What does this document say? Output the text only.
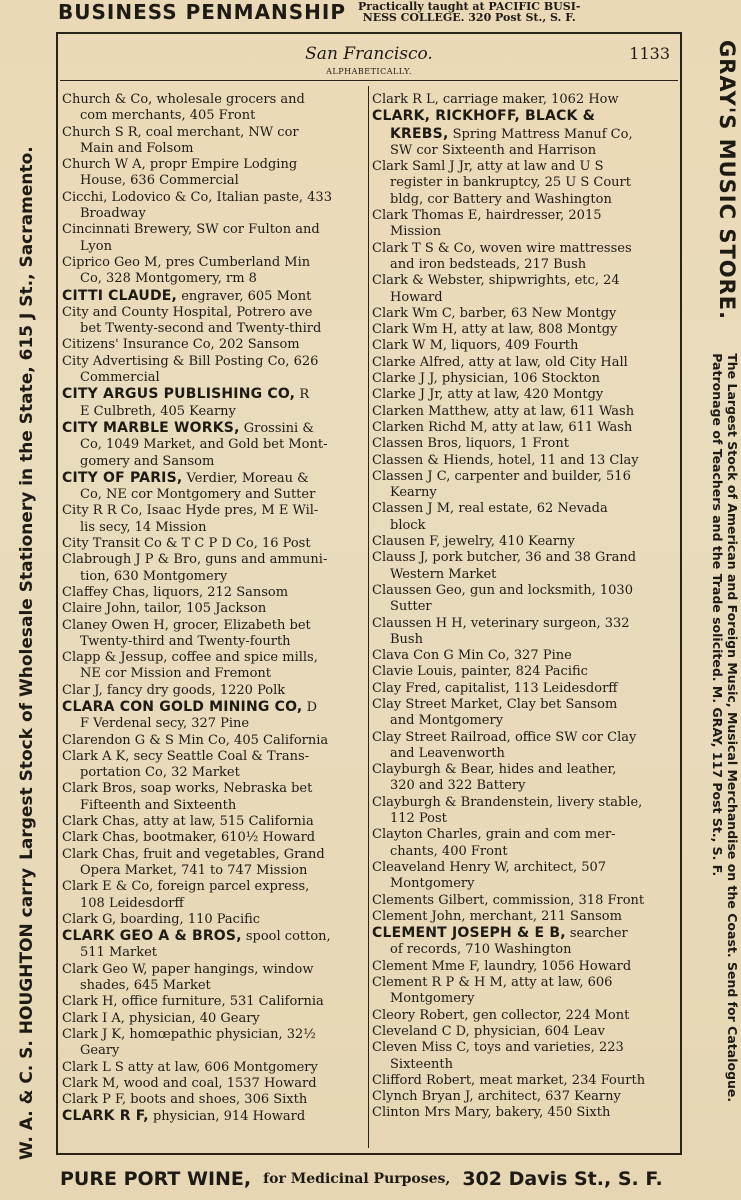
BUSINESS PENMANSHIP Practically taught at PACIFIC BUSI-
NESS COLLEGE. 320 Post St., S. F.
W. A. & C. S. HOUGHTON carry
Largest Stock of Wholesale Stationery in the State, 615 J St., Sacramento.	GRAY'S MUSIC STORE. The Largest Stock of American and Foreign Music, Musical Merchandise on the Coast. Send for Catalogue. Patronage of Teachers and the Trade solicited. M. GRAY, 117 Post St., S. F.
San Francisco.	1133
ALPHABETICALLY.
Church & Co, wholesale grocers and
com merchants, 405 Front
Church S R, coal merchant, NW cor
Main and Folsom
Church W A, propr Empire Lodging
House, 636 Commercial
Cicchi, Lodovico & Co, Italian paste, 433
Broadway
Cincinnati Brewery, SW cor Fulton and
Lyon
Ciprico Geo M, pres Cumberland Min
Co, 328 Montgomery, rm 8
CITTI CLAUDE, engraver, 605 Mont
City and County Hospital, Potrero ave
bet Twenty-second and Twenty-third
Citizens' Insurance Co, 202 Sansom
City Advertising & Bill Posting Co, 626
Commercial
CITY ARGUS PUBLISHING CO, R
E Culbreth, 405 Kearny
CITY MARBLE WORKS, Grossini &
Co, 1049 Market, and Gold bet Mont-
gomery and Sansom
CITY OF PARIS, Verdier, Moreau &
Co, NE cor Montgomery and Sutter
City R R Co, Isaac Hyde pres, M E Wil-
lis secy, 14 Mission
City Transit Co & T C P D Co, 16 Post
Clabrough J P & Bro, guns and ammuni-
tion, 630 Montgomery
Claffey Chas, liquors, 212 Sansom
Claire John, tailor, 105 Jackson
Claney Owen H, grocer, Elizabeth bet
Twenty-third and Twenty-fourth
Clapp & Jessup, coffee and spice mills,
NE cor Mission and Fremont
Clar J, fancy dry goods, 1220 Polk
CLARA CON GOLD MINING CO, D
F Verdenal secy, 327 Pine
Clarendon G & S Min Co, 405 California
Clark A K, secy Seattle Coal & Trans-
portation Co, 32 Market
Clark Bros, soap works, Nebraska bet
Fifteenth and Sixteenth
Clark Chas, atty at law, 515 California
Clark Chas, bootmaker, 610½ Howard
Clark Chas, fruit and vegetables, Grand
Opera Market, 741 to 747 Mission
Clark E & Co, foreign parcel express,
108 Leidesdorff
Clark G, boarding, 110 Pacific
CLARK GEO A & BROS, spool cotton,
511 Market
Clark Geo W, paper hangings, window
shades, 645 Market
Clark H, office furniture, 531 California
Clark I A, physician, 40 Geary
Clark J K, homœpathic physician, 32½
Geary
Clark L S atty at law, 606 Montgomery
Clark M, wood and coal, 1537 Howard
Clark P F, boots and shoes, 306 Sixth
CLARK R F, physician, 914 Howard
Clark R L, carriage maker, 1062 How
CLARK, RICKHOFF, BLACK &
KREBS, Spring Mattress Manuf Co,
SW cor Sixteenth and Harrison
Clark Saml J Jr, atty at law and U S
register in bankruptcy, 25 U S Court
bldg, cor Battery and Washington
Clark Thomas E, hairdresser, 2015
Mission
Clark T S & Co, woven wire mattresses
and iron bedsteads, 217 Bush
Clark & Webster, shipwrights, etc, 24
Howard
Clark Wm C, barber, 63 New Montgy
Clark Wm H, atty at law, 808 Montgy
Clark W M, liquors, 409 Fourth
Clarke Alfred, atty at law, old City Hall
Clarke J J, physician, 106 Stockton
Clarke J Jr, atty at law, 420 Montgy
Clarken Matthew, atty at law, 611 Wash
Clarken Richd M, atty at law, 611 Wash
Classen Bros, liquors, 1 Front
Classen & Hiends, hotel, 11 and 13 Clay
Classen J C, carpenter and builder, 516
Kearny
Classen J M, real estate, 62 Nevada
block
Clausen F, jewelry, 410 Kearny
Clauss J, pork butcher, 36 and 38 Grand
Western Market
Claussen Geo, gun and locksmith, 1030
Sutter
Claussen H H, veterinary surgeon, 332
Bush
Clava Con G Min Co, 327 Pine
Clavie Louis, painter, 824 Pacific
Clay Fred, capitalist, 113 Leidesdorff
Clay Street Market, Clay bet Sansom
and Montgomery
Clay Street Railroad, office SW cor Clay
and Leavenworth
Clayburgh & Bear, hides and leather,
320 and 322 Battery
Clayburgh & Brandenstein, livery stable,
112 Post
Clayton Charles, grain and com mer-
chants, 400 Front
Cleaveland Henry W, architect, 507
Montgomery
Clements Gilbert, commission, 318 Front
Clement John, merchant, 211 Sansom
CLEMENT JOSEPH & E B, searcher
of records, 710 Washington
Clement Mme F, laundry, 1056 Howard
Clement R P & H M, atty at law, 606
Montgomery
Cleory Robert, gen collector, 224 Mont
Cleveland C D, physician, 604 Leav
Cleven Miss C, toys and varieties, 223
Sixteenth
Clifford Robert, meat market, 234 Fourth
Clynch Bryan J, architect, 637 Kearny
Clinton Mrs Mary, bakery, 450 Sixth
PURE PORT WINE, for Medicinal Purposes, 302 Davis St., S. F.
